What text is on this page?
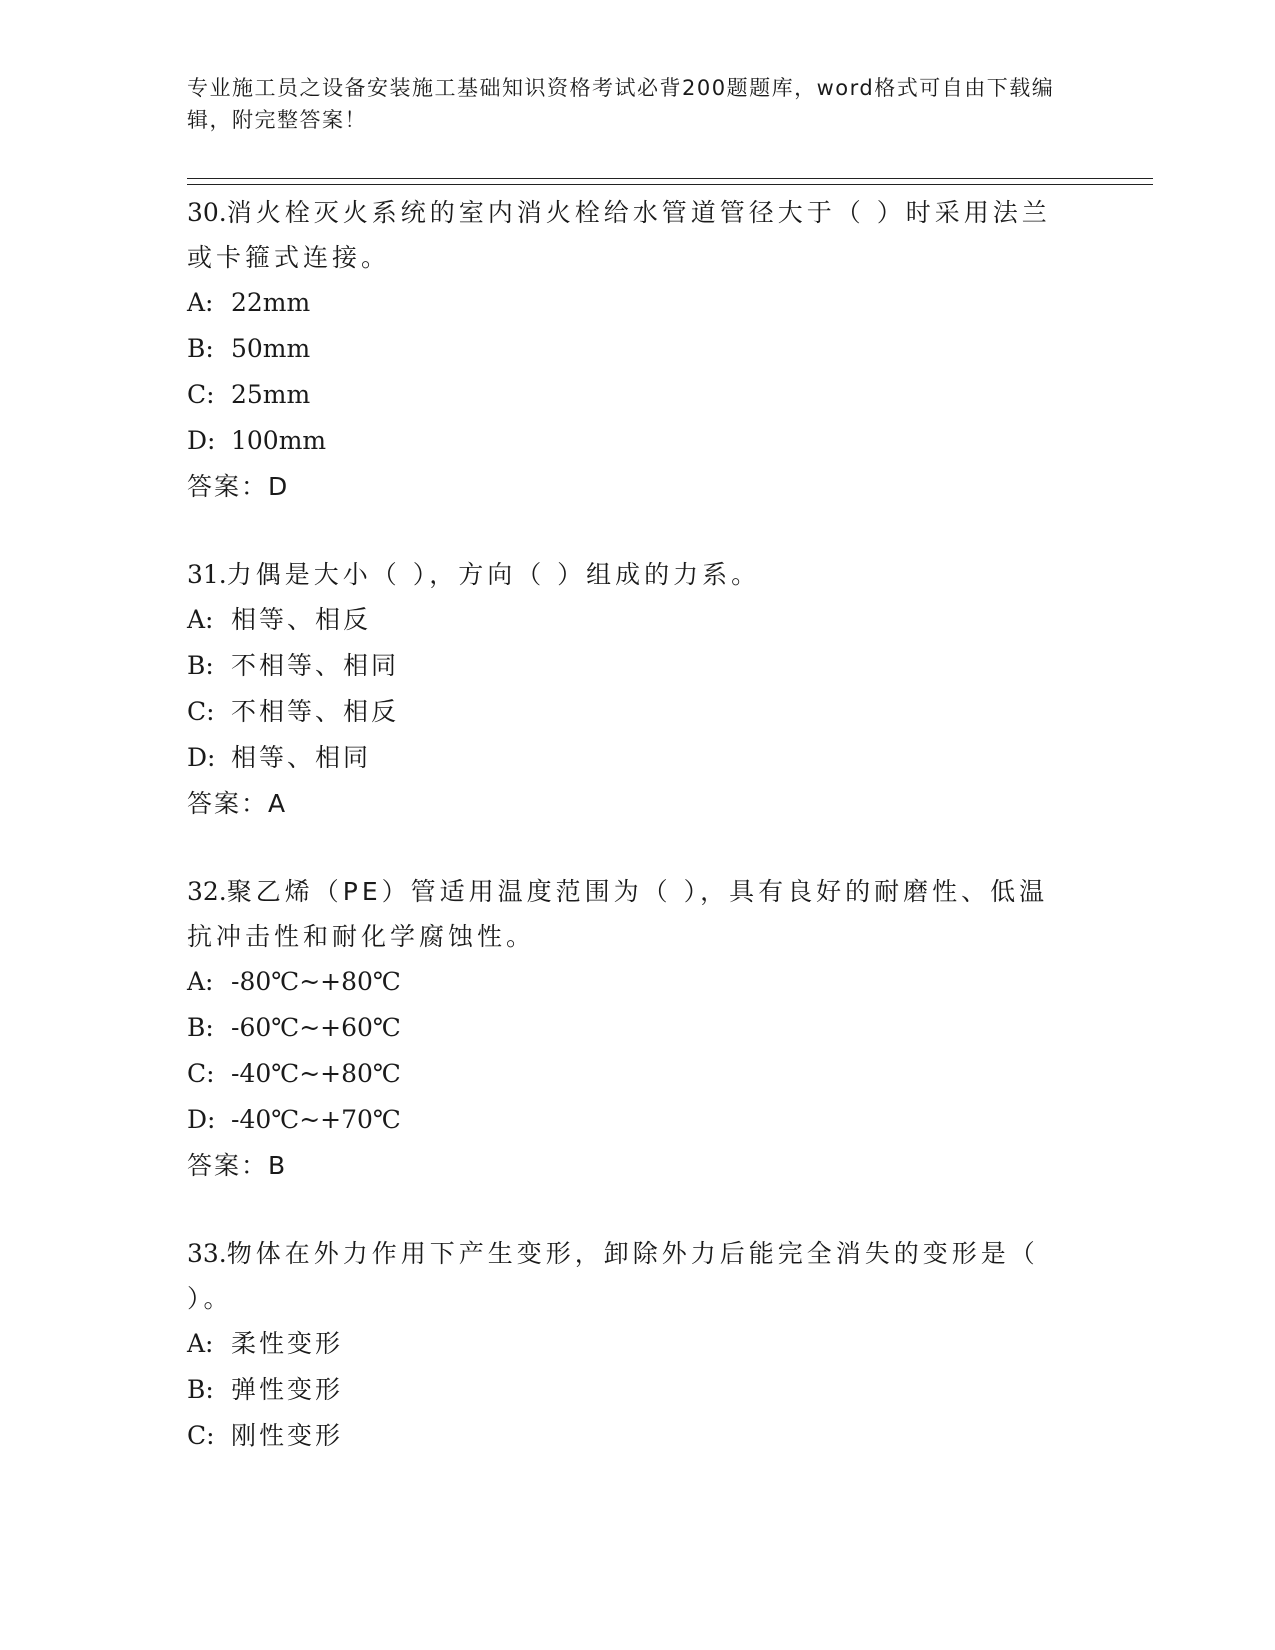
专业施工员之设备安装施工基础知识资格考试必背200题题库，word格式可自由下载编辑，附完整答案！
30.消火栓灭火系统的室内消火栓给水管道管径大于（ ）时采用法兰或卡箍式连接。
A: 22mm
B: 50mm
C: 25mm
D: 100mm
答案：D
31.力偶是大小（ ），方向（ ）组成的力系。
A: 相等、相反
B: 不相等、相同
C: 不相等、相反
D: 相等、相同
答案：A
32.聚乙烯（PE）管适用温度范围为（ ），具有良好的耐磨性、低温抗冲击性和耐化学腐蚀性。
A: -80℃~+80℃
B: -60℃~+60℃
C: -40℃~+80℃
D: -40℃~+70℃
答案：B
33.物体在外力作用下产生变形，卸除外力后能完全消失的变形是（ ）。
A: 柔性变形
B: 弹性变形
C: 刚性变形
